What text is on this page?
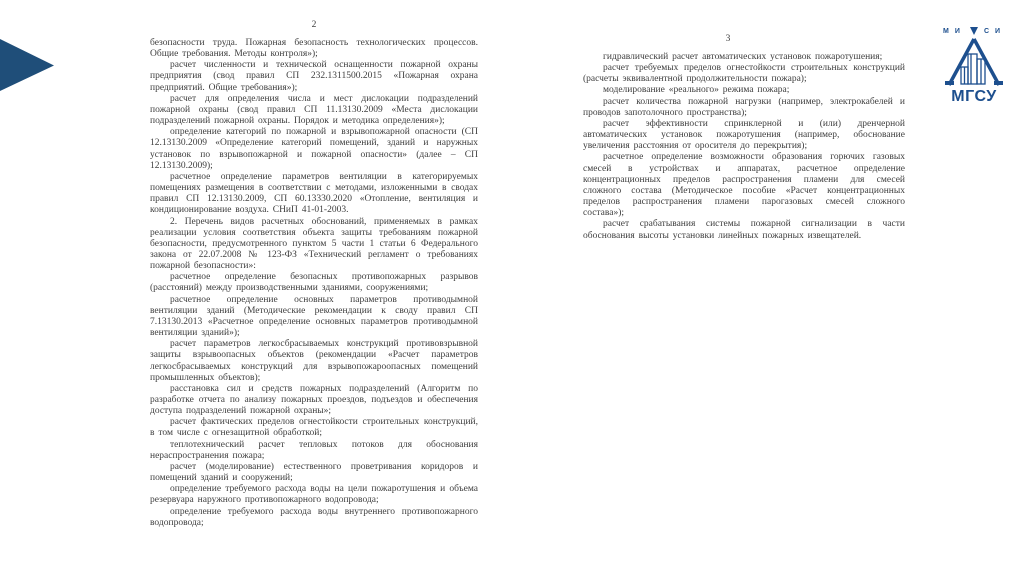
МИ	СИ
МГСУ
2

безопасности труда. Пожарная безопасность технологических процессов. Общие требования. Методы контроля»);

расчет численности и технической оснащенности пожарной охраны предприятия (свод правил СП 232.1311500.2015 «Пожарная охрана предприятий. Общие требования»);

расчет для определения числа и мест дислокации подразделений пожарной охраны (свод правил СП 11.13130.2009 «Места дислокации подразделений пожарной охраны. Порядок и методика определения»);

определение категорий по пожарной и взрывопожарной опасности (СП 12.13130.2009 «Определение категорий помещений, зданий и наружных установок по взрывопожарной и пожарной опасности» (далее – СП 12.13130.2009);

расчетное определение параметров вентиляции в категорируемых помещениях размещения в соответствии с методами, изложенными в сводах правил СП 12.13130.2009, СП 60.13330.2020 «Отопление, вентиляция и кондиционирование воздуха. СНиП 41-01-2003.

2. Перечень видов расчетных обоснований, применяемых в рамках реализации условия соответствия объекта защиты требованиям пожарной безопасности, предусмотренного пунктом 5 части 1 статьи 6 Федерального закона от 22.07.2008 № 123-ФЗ «Технический регламент о требованиях пожарной безопасности»:

расчетное определение безопасных противопожарных разрывов (расстояний) между производственными зданиями, сооружениями;

расчетное определение основных параметров противодымной вентиляции зданий (Методические рекомендации к своду правил СП 7.13130.2013 «Расчетное определение основных параметров противодымной вентиляции зданий»);

расчет параметров легкосбрасываемых конструкций противовзрывной защиты взрывоопасных объектов (рекомендации «Расчет параметров легкосбрасываемых конструкций для взрывопожароопасных помещений промышленных объектов);

расстановка сил и средств пожарных подразделений (Алгоритм по разработке отчета по анализу пожарных проездов, подъездов и обеспечения доступа подразделений пожарной охраны»;

расчет фактических пределов огнестойкости строительных конструкций, в том числе с огнезащитной обработкой;

теплотехнический расчет тепловых потоков для обоснования нераспространения пожара;

расчет (моделирование) естественного проветривания коридоров и помещений зданий и сооружений;

определение требуемого расхода воды на цели пожаротушения и объема резервуара наружного противопожарного водопровода;

определение требуемого расхода воды внутреннего противопожарного водопровода;

3

гидравлический расчет автоматических установок пожаротушения;

расчет требуемых пределов огнестойкости строительных конструкций (расчеты эквивалентной продолжительности пожара);

моделирование «реального» режима пожара;

расчет количества пожарной нагрузки (например, электрокабелей и проводов запотолочного пространства);

расчет эффективности спринклерной и (или) дренчерной автоматических установок пожаротушения (например, обоснование увеличения расстояния от оросителя до перекрытия);

расчетное определение возможности образования горючих газовых смесей в устройствах и аппаратах, расчетное определение концентрационных пределов распространения пламени для смесей сложного состава (Методическое пособие «Расчет концентрационных пределов распространения пламени парогазовых смесей сложного состава»);

расчет срабатывания системы пожарной сигнализации в части обоснования высоты установки линейных пожарных извещателей.
